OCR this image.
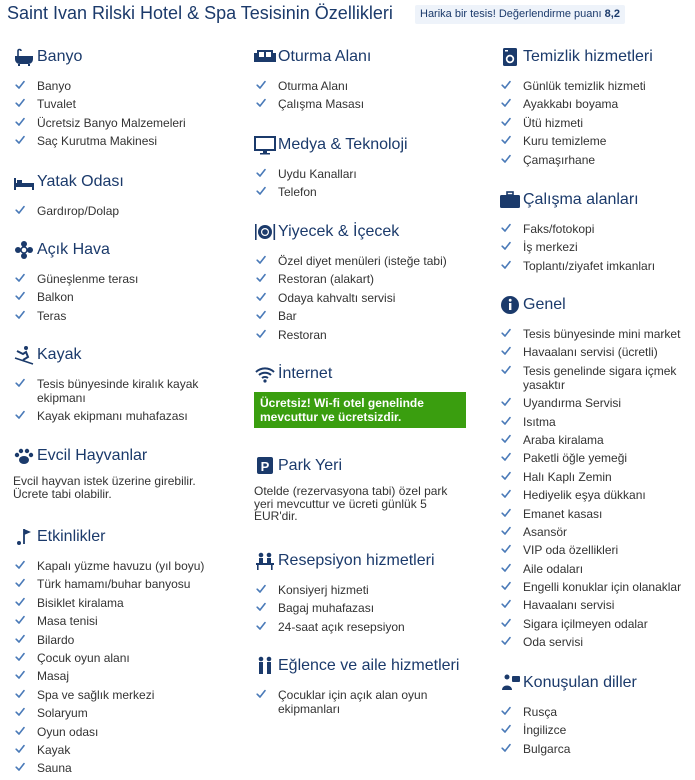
Saint Ivan Rilski Hotel & Spa Tesisinin Özellikleri	Harika bir tesis! Değerlendirme puanı 8,2
Banyo
Banyo
Tuvalet
Ücretsiz Banyo Malzemeleri
Saç Kurutma Makinesi
Yatak Odası
Gardırop/Dolap
Açık Hava
Güneşlenme terası
Balkon
Teras
Kayak
Tesis bünyesinde kiralık kayak ekipmanı
Kayak ekipmanı muhafazası
Evcil Hayvanlar
Evcil hayvan istek üzerine girebilir. Ücrete tabi olabilir.
Etkinlikler
Kapalı yüzme havuzu (yıl boyu)
Türk hamamı/buhar banyosu
Bisiklet kiralama
Masa tenisi
Bilardo
Çocuk oyun alanı
Masaj
Spa ve sağlık merkezi
Solaryum
Oyun odası
Kayak
Sauna
Oturma Alanı
Oturma Alanı
Çalışma Masası
Medya & Teknoloji
Uydu Kanalları
Telefon
Yiyecek & İçecek
Özel diyet menüleri (isteğe tabi)
Restoran (alakart)
Odaya kahvaltı servisi
Bar
Restoran
İnternet
Ücretsiz! Wi-fi otel genelinde mevcuttur ve ücretsizdir.
P Park Yeri
Otelde (rezervasyona tabi) özel park yeri mevcuttur ve ücreti günlük 5 EUR'dir.
Resepsiyon hizmetleri
Konsiyerj hizmeti
Bagaj muhafazası
24-saat açık resepsiyon
Eğlence ve aile hizmetleri
Çocuklar için açık alan oyun ekipmanları
Temizlik hizmetleri
Günlük temizlik hizmeti
Ayakkabı boyama
Ütü hizmeti
Kuru temizleme
Çamaşırhane
Çalışma alanları
Faks/fotokopi
İş merkezi
Toplantı/ziyafet imkanları
Genel
Tesis bünyesinde mini market
Havaalanı servisi (ücretli)
Tesis genelinde sigara içmek yasaktır
Uyandırma Servisi
Isıtma
Araba kiralama
Paketli öğle yemeği
Halı Kaplı Zemin
Hediyelik eşya dükkanı
Emanet kasası
Asansör
VIP oda özellikleri
Aile odaları
Engelli konuklar için olanaklar
Havaalanı servisi
Sigara içilmeyen odalar
Oda servisi
Konuşulan diller
Rusça
İngilizce
Bulgarca
